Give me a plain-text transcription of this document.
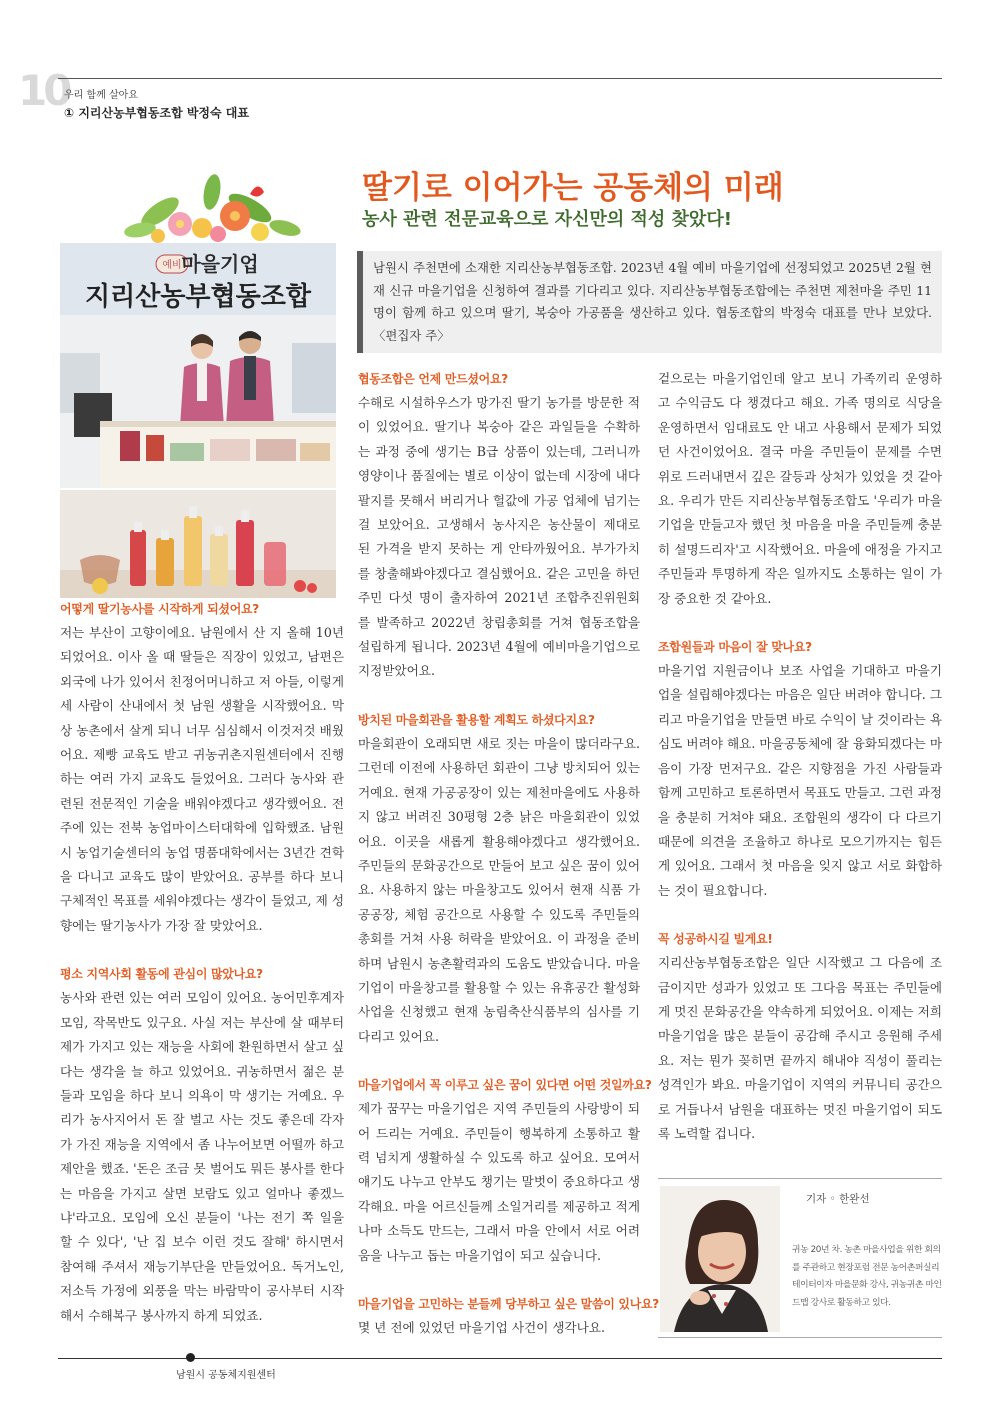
10
우리 함께 살아요
① 지리산농부협동조합 박정숙 대표
딸기로 이어가는 공동체의 미래
농사 관련 전문교육으로 자신만의 적성 찾았다!
예비 마을기업
지리산농부협동조합
남원시 주천면에 소재한 지리산농부협동조합. 2023년 4월 예비 마을기업에 선정되었고 2025년 2월 현재 신규 마을기업을 신청하여 결과를 기다리고 있다. 지리산농부협동조합에는 주천면 제천마을 주민 11명이 함께 하고 있으며 딸기, 복숭아 가공품을 생산하고 있다. 협동조합의 박정숙 대표를 만나 보았다. 〈편집자 주〉
어떻게 딸기농사를 시작하게 되셨어요?

저는 부산이 고향이에요. 남원에서 산 지 올해 10년 되었어요. 이사 올 때 딸들은 직장이 있었고, 남편은 외국에 나가 있어서 친정어머니하고 저 아들, 이렇게 세 사람이 산내에서 첫 남원 생활을 시작했어요. 막상 농촌에서 살게 되니 너무 심심해서 이것저것 배웠어요. 제빵 교육도 받고 귀농귀촌지원센터에서 진행하는 여러 가지 교육도 들었어요. 그러다 농사와 관련된 전문적인 기술을 배워야겠다고 생각했어요. 전주에 있는 전북 농업마이스터대학에 입학했죠. 남원시 농업기술센터의 농업 명품대학에서는 3년간 견학을 다니고 교육도 많이 받았어요. 공부를 하다 보니 구체적인 목표를 세워야겠다는 생각이 들었고, 제 성향에는 딸기농사가 가장 잘 맞았어요.

평소 지역사회 활동에 관심이 많았나요?

농사와 관련 있는 여러 모임이 있어요. 농어민후계자 모임, 작목반도 있구요. 사실 저는 부산에 살 때부터 제가 가지고 있는 재능을 사회에 환원하면서 살고 싶다는 생각을 늘 하고 있었어요. 귀농하면서 젊은 분들과 모임을 하다 보니 의욕이 막 생기는 거예요. 우리가 농사지어서 돈 잘 벌고 사는 것도 좋은데 각자가 가진 재능을 지역에서 좀 나누어보면 어떨까 하고 제안을 했죠. '돈은 조금 못 벌어도 뭐든 봉사를 한다는 마음을 가지고 살면 보람도 있고 얼마나 좋겠느냐'라고요. 모임에 오신 분들이 '나는 전기 쪽 일을 할 수 있다', '난 집 보수 이런 것도 잘해' 하시면서 참여해 주셔서 재능기부단을 만들었어요. 독거노인, 저소득 가정에 외풍을 막는 바람막이 공사부터 시작해서 수해복구 봉사까지 하게 되었죠.

협동조합은 언제 만드셨어요?

수해로 시설하우스가 망가진 딸기 농가를 방문한 적이 있었어요. 딸기나 복숭아 같은 과일들을 수확하는 과정 중에 생기는 B급 상품이 있는데, 그러니까 영양이나 품질에는 별로 이상이 없는데 시장에 내다 팔지를 못해서 버리거나 헐값에 가공 업체에 넘기는 걸 보았어요. 고생해서 농사지은 농산물이 제대로 된 가격을 받지 못하는 게 안타까웠어요. 부가가치를 창출해봐야겠다고 결심했어요. 같은 고민을 하던 주민 다섯 명이 출자하여 2021년 조합추진위원회를 발족하고 2022년 창립총회를 거쳐 협동조합을 설립하게 됩니다. 2023년 4월에 예비마을기업으로 지정받았어요.

방치된 마을회관을 활용할 계획도 하셨다지요?

마을회관이 오래되면 새로 짓는 마을이 많더라구요. 그런데 이전에 사용하던 회관이 그냥 방치되어 있는 거예요. 현재 가공공장이 있는 제천마을에도 사용하지 않고 버려진 30평형 2층 낡은 마을회관이 있었어요. 이곳을 새롭게 활용해야겠다고 생각했어요. 주민들의 문화공간으로 만들어 보고 싶은 꿈이 있어요. 사용하지 않는 마을창고도 있어서 현재 식품 가공공장, 체험 공간으로 사용할 수 있도록 주민들의 총회를 거쳐 사용 허락을 받았어요. 이 과정을 준비하며 남원시 농촌활력과의 도움도 받았습니다. 마을기업이 마을창고를 활용할 수 있는 유휴공간 활성화 사업을 신청했고 현재 농림축산식품부의 심사를 기다리고 있어요.

마을기업에서 꼭 이루고 싶은 꿈이 있다면 어떤 것일까요?

제가 꿈꾸는 마을기업은 지역 주민들의 사랑방이 되어 드리는 거예요. 주민들이 행복하게 소통하고 활력 넘치게 생활하실 수 있도록 하고 싶어요. 모여서 얘기도 나누고 안부도 챙기는 말벗이 중요하다고 생각해요. 마을 어르신들께 소일거리를 제공하고 적게나마 소득도 만드는, 그래서 마을 안에서 서로 어려움을 나누고 돕는 마을기업이 되고 싶습니다.

마을기업을 고민하는 분들께 당부하고 싶은 말씀이 있나요?

몇 년 전에 있었던 마을기업 사건이 생각나요.

겉으로는 마을기업인데 알고 보니 가족끼리 운영하고 수익금도 다 챙겼다고 해요. 가족 명의로 식당을 운영하면서 임대료도 안 내고 사용해서 문제가 되었던 사건이었어요. 결국 마을 주민들이 문제를 수면 위로 드러내면서 깊은 갈등과 상처가 있었을 것 같아요. 우리가 만든 지리산농부협동조합도 '우리가 마을기업을 만들고자 했던 첫 마음을 마을 주민들께 충분히 설명드리자'고 시작했어요. 마을에 애정을 가지고 주민들과 투명하게 작은 일까지도 소통하는 일이 가장 중요한 것 같아요.

조합원들과 마음이 잘 맞나요?

마을기업 지원금이나 보조 사업을 기대하고 마을기업을 설립해야겠다는 마음은 일단 버려야 합니다. 그리고 마을기업을 만들면 바로 수익이 날 것이라는 욕심도 버려야 해요. 마을공동체에 잘 융화되겠다는 마음이 가장 먼저구요. 같은 지향점을 가진 사람들과 함께 고민하고 토론하면서 목표도 만들고. 그런 과정을 충분히 거쳐야 돼요. 조합원의 생각이 다 다르기 때문에 의견을 조율하고 하나로 모으기까지는 힘든 게 있어요. 그래서 첫 마음을 잊지 않고 서로 화합하는 것이 필요합니다.

꼭 성공하시길 빌게요!

지리산농부협동조합은 일단 시작했고 그 다음에 조금이지만 성과가 있었고 또 그다음 목표는 주민들에게 멋진 문화공간을 약속하게 되었어요. 이제는 저희 마을기업을 많은 분들이 공감해 주시고 응원해 주세요. 저는 뭔가 꽂히면 끝까지 해내야 직성이 풀리는 성격인가 봐요. 마을기업이 지역의 커뮤니티 공간으로 거듭나서 남원을 대표하는 멋진 마을기업이 되도록 노력할 겁니다.

기자 ◦ 한완선
귀농 20년 차. 농촌 마을사업을 위한 회의를 주관하고 현장포럼 전문 농어촌퍼실리테이터이자 마을문화 강사, 귀농귀촌 마인드맵 강사로 활동하고 있다.
남원시 공동체지원센터
